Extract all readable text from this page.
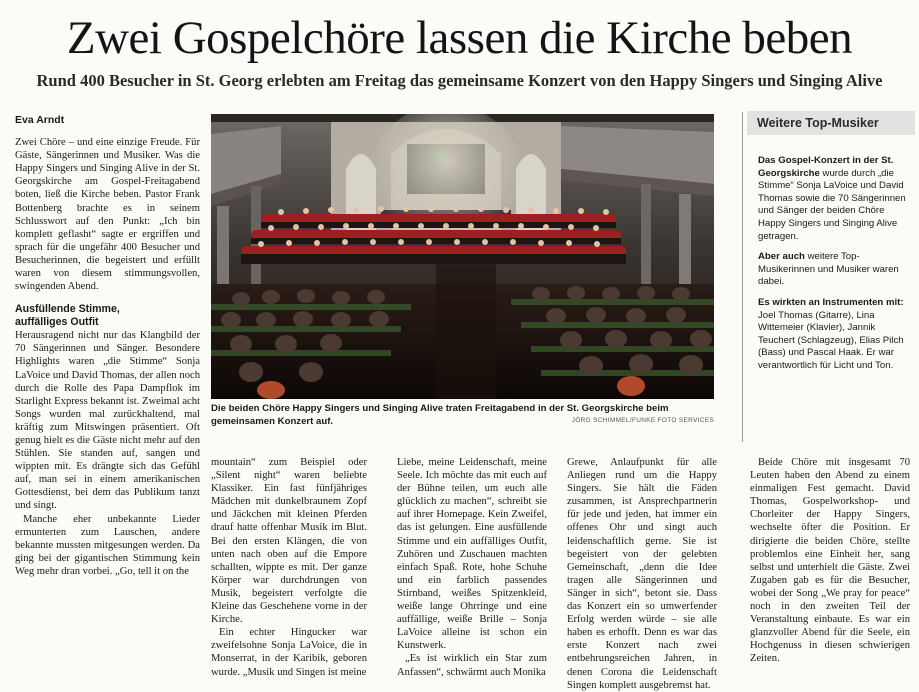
Zwei Gospelchöre lassen die Kirche beben
Rund 400 Besucher in St. Georg erlebten am Freitag das gemeinsame Konzert von den Happy Singers und Singing Alive

Eva Arndt

Zwei Chöre – und eine einzige Freude. Für Gäste, Sängerinnen und Musiker. Was die Happy Singers und Singing Alive in der St. Georgskirche am Gospel-Freitagabend boten, ließ die Kirche beben. Pastor Frank Bottenberg brachte es in seinem Schlusswort auf den Punkt: „Ich bin komplett geflasht“ sagte er ergriffen und sprach für die ungefähr 400 Besucher und Besucherinnen, die begeistert und erfüllt waren von diesem stimmungsvollen, swingenden Abend.

Ausfüllende Stimme,
auffälliges Outfit

Herausragend nicht nur das Klangbild der 70 Sängerinnen und Sänger. Besondere Highlights waren „die Stimme“ Sonja LaVoice und David Thomas, der allen noch durch die Rolle des Papa Dampflok im Starlight Express bekannt ist. Zweimal acht Songs wurden mal zurückhaltend, mal kräftig zum Mitswingen präsentiert. Oft genug hielt es die Gäste nicht mehr auf den Stühlen. Sie standen auf, sangen und wippten mit. Es drängte sich das Gefühl auf, man sei in einem amerikanischen Gottesdienst, bei dem das Publikum tanzt und singt.

Manche eher unbekannte Lieder ermunterten zum Lauschen, andere bekannte mussten mitgesungen werden. Da ging bei der gigantischen Stimmung kein Weg mehr dran vorbei. „Go, tell it on the

Die beiden Chöre Happy Singers und Singing Alive traten Freitagabend in der St. Georgskirche beim gemeinsamen Konzert auf.	JÖRG SCHIMMEL/FUNKE FOTO SERVICES
Weitere Top-Musiker

Das Gospel-Konzert in der St. Georgskirche wurde durch „die Stimme“ Sonja LaVoice und David Thomas sowie die 70 Sängerinnen und Sänger der beiden Chöre Happy Singers und Singing Alive getragen.

Aber auch weitere Top-Musikerinnen und Musiker waren dabei.

Es wirkten an Instrumenten mit: Joel Thomas (Gitarre), Lina Wittemeier (Klavier), Jannik Teuchert (Schlagzeug), Elias Pilch (Bass) und Pascal Haak. Er war verantwortlich für Licht und Ton.

mountain“ zum Beispiel oder „Silent night“ waren beliebte Klassiker. Ein fast fünfjähriges Mädchen mit dunkelbraunem Zopf und Jäckchen mit kleinen Pferden drauf hatte offenbar Musik im Blut. Bei den ersten Klängen, die von unten nach oben auf die Empore schallten, wippte es mit. Der ganze Körper war durchdrungen von Musik, begeistert verfolgte die Kleine das Geschehene vorne in der Kirche.

Ein echter Hingucker war zweifelsohne Sonja LaVoice, die in Monserrat, in der Karibik, geboren wurde. „Musik und Singen ist meine

Liebe, meine Leidenschaft, meine Seele. Ich möchte das mit euch auf der Bühne teilen, um euch alle glücklich zu machen“, schreibt sie auf ihrer Homepage. Kein Zweifel, das ist gelungen. Eine ausfüllende Stimme und ein auffälliges Outfit, Zuhören und Zuschauen machten einfach Spaß. Rote, hohe Schuhe und ein farblich passendes Stirnband, weißes Spitzenkleid, weiße lange Ohrringe und eine auffällige, weiße Brille – Sonja LaVoice alleine ist schon ein Kunstwerk.

„Es ist wirklich ein Star zum Anfassen“, schwärmt auch Monika

Grewe, Anlaufpunkt für alle Anliegen rund um die Happy Singers. Sie hält die Fäden zusammen, ist Ansprechpartnerin für jede und jeden, hat immer ein offenes Ohr und singt auch leidenschaftlich gerne. Sie ist begeistert von der gelebten Gemeinschaft, „denn die Idee tragen alle Sängerinnen und Sänger in sich“, betont sie. Dass das Konzert ein so umwerfender Erfolg werden würde – sie alle haben es erhofft. Denn es war das erste Konzert nach zwei entbehrungsreichen Jahren, in denen Corona die Leidenschaft Singen komplett ausgebremst hat.

Beide Chöre mit insgesamt 70 Leuten haben den Abend zu einem einmaligen Fest gemacht. David Thomas, Gospelworkshop- und Chorleiter der Happy Singers, wechselte öfter die Position. Er dirigierte die beiden Chöre, stellte problemlos eine Einheit her, sang selbst und unterhielt die Gäste. Zwei Zugaben gab es für die Besucher, wobei der Song „We pray for peace“ noch in den zweiten Teil der Veranstaltung einbaute. Es war ein glanzvoller Abend für die Seele, ein Hochgenuss in diesen schwierigen Zeiten.
